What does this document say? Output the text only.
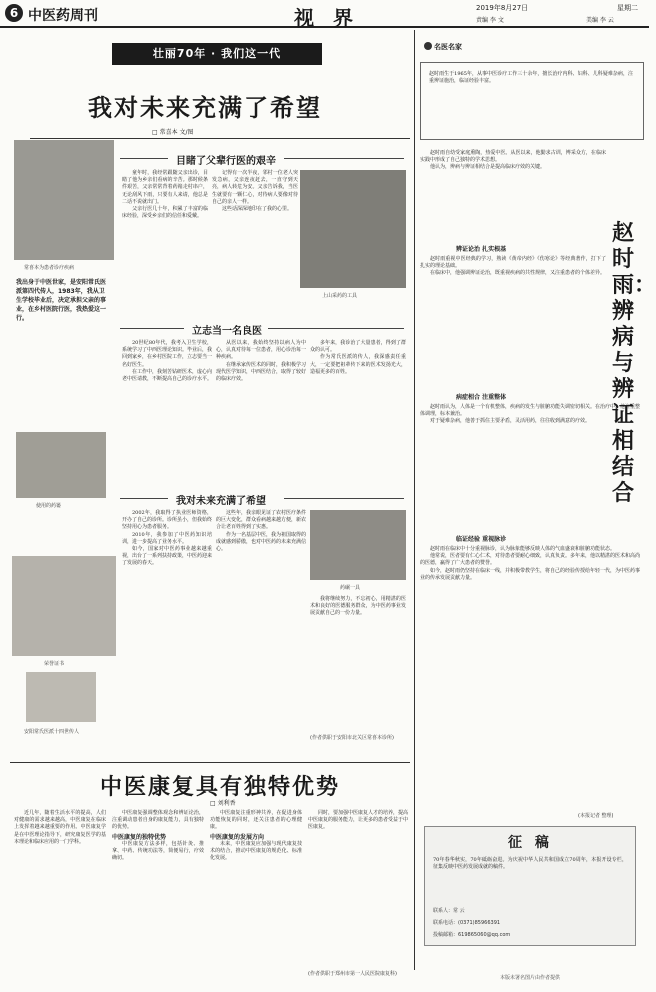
6 中医药周刊	视 界	2019年8月27日	星期二
责编 李 文	美编 李 云
壮丽70年 · 我们这一代
我对未来充满了希望
□ 常喜本 文/图
常喜本为患者诊疗疾病
我出身于中医世家，是安阳常氏医派第四代传人，1983年，我从卫生学校毕业后，决定承担父亲的事业，在乡村医院行医，我热爱这一行。
使用的药篓
荣誉证书
安阳常氏医派十四世传人
目睹了父辈行医的艰辛

童年时，我经常跟随父亲出诊，目睹了他为乡亲们看病的辛苦。那时候条件艰苦，父亲常常背着药箱走村串户，无论刮风下雨，只要有人来请，他总是二话不说就出门。

父亲行医几十年，积累了丰富的临床经验，深受乡亲们的信任和爱戴。

记得有一次半夜，邻村一位老人突发急病，父亲连夜赶去，一直守到天亮，病人转危为安。父亲告诉我，当医生就要有一颗仁心，对待病人要像对待自己的亲人一样。

这些话深深地印在了我的心里。

上山采药的工具
立志当一名良医

20世纪80年代，我考入卫生学校，系统学习了中西医理论知识。毕业后，我回到家乡，在乡村医院工作，立志要当一名好医生。

在工作中，我刻苦钻研医术，虚心向老中医请教，不断提高自己的诊疗水平。

从医以来，我始终坚持以病人为中心，认真对待每一位患者，用心诊治每一种疾病。

在继承家传医术的同时，我积极学习现代医学知识，中西医结合，取得了较好的临床疗效。

多年来，我诊治了大量患者，得到了群众的认可。

作为常氏医派的传人，我深感责任重大，一定要把祖辈传下来的医术发扬光大，造福更多的百姓。

我对未来充满了希望

2002年，我取得了执业医师资格，开办了自己的诊所。诊所虽小，但我始终坚持用心为患者服务。

2010年，我参加了中医药知识培训，进一步提高了业务水平。

如今，国家对中医药事业越来越重视，出台了一系列扶持政策，中医药迎来了发展的春天。

这些年，我亲眼见证了农村医疗条件的巨大变化，群众看病越来越方便，新农合让老百姓得到了实惠。

作为一名基层中医，我为祖国取得的成就感到骄傲，也对中医药的未来充满信心。

药碾一具

我将继续努力，不忘初心，用精湛的医术和良好的医德服务群众，为中医药事业发展贡献自己的一份力量。

(作者供职于安阳市北关区常喜本诊所)
中医康复具有独特优势
□ 刘利香

近几年，随着生活水平的提高，人们对健康的需求越来越高，中医康复在临床上发挥着越来越重要的作用。中医康复学是在中医理论指导下，研究康复医学的基本理论和临床应用的一门学科。

中医康复强调整体观念和辨证论治，注重调动患者自身的康复能力，具有独特的优势。

中医康复的独特优势

中医康复方法多样，包括针灸、推拿、中药、传统功法等，简便易行，疗效确切。

中医康复注重形神共养，在促进身体功能恢复的同时，还关注患者的心理健康。

中医康复的发展方向

未来，中医康复应加强与现代康复技术的结合，推动中医康复的规范化、标准化发展。

同时，要加强中医康复人才的培养，提高中医康复的服务能力，让更多的患者受益于中医康复。

(作者供职于郑州市第一人民医院康复科)
名医名家
赵时雨生于1965年，从事中医诊疗工作三十余年，擅长治疗内科、妇科、儿科疑难杂病，注重辨证施治，临证经验丰富。

赵时雨自幼受家庭熏陶，热爱中医。从医以来，他勤求古训，博采众方，在临床实践中形成了自己独特的学术思想。

他认为，辨病与辨证相结合是提高临床疗效的关键。

辨证论治 扎实根基

赵时雨重视中医经典的学习，熟读《黄帝内经》《伤寒论》等经典著作，打下了扎实的理论基础。

在临床中，他强调辨证论治，既重视疾病的共性规律，又注重患者的个体差异。

赵时雨：辨病与辨证相结合
病症相合 注重整体

赵时雨认为，人体是一个有机整体，疾病的发生与脏腑功能失调密切相关。在治疗中，他注重整体调理，标本兼治。

对于疑难杂病，他善于抓住主要矛盾，灵活用药，往往收到满意的疗效。

临证经验 重视脉诊

赵时雨在临床中十分重视脉诊，认为脉象能够反映人体的气血盛衰和脏腑功能状态。

他常说，医者要有仁心仁术，对待患者要耐心细致，认真负责。多年来，他以精湛的医术和高尚的医德，赢得了广大患者的赞誉。

如今，赵时雨仍坚持在临床一线，并积极带教学生，将自己的经验传授给年轻一代，为中医药事业的传承发展贡献力量。

(本报记者 整理)
70年春华秋实，70年砥砺奋进。为庆祝中华人民共和国成立70周年，本报开设专栏，征集反映中医药发展成就的稿件。
联系人：常 云
联系电话：(0371)85966391
投稿邮箱：619865060@qq.com
征 稿
本版未署名图片由作者提供
